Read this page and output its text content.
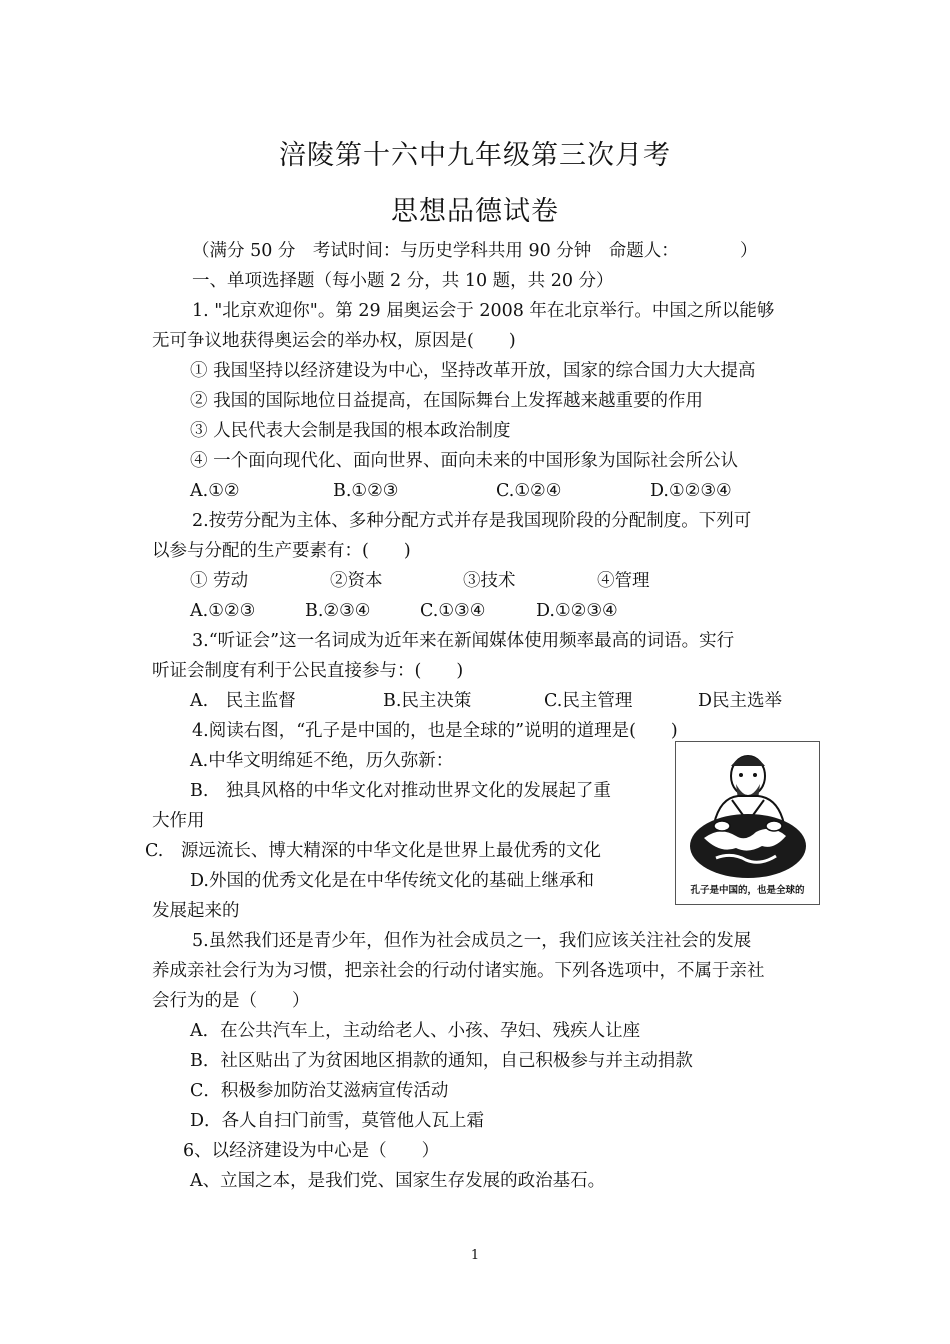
涪陵第十六中九年级第三次月考
思想品德试卷
（满分 50 分　考试时间：与历史学科共用 90 分钟　命题人：　　　　）
一、单项选择题（每小题 2 分，共 10 题，共 20 分）
1. "北京欢迎你"。第 29 届奥运会于 2008 年在北京举行。中国之所以能够
无可争议地获得奥运会的举办权，原因是(　　)
① 我国坚持以经济建设为中心，坚持改革开放，国家的综合国力大大提高
② 我国的国际地位日益提高，在国际舞台上发挥越来越重要的作用
③ 人民代表大会制是我国的根本政治制度
④ 一个面向现代化、面向世界、面向未来的中国形象为国际社会所公认
A.①②	B.①②③	C.①②④	D.①②③④
2.按劳分配为主体、多种分配方式并存是我国现阶段的分配制度。下列可
以参与分配的生产要素有：(　　)
① 劳动	②资本	③技术	④管理
A.①②③	B.②③④	C.①③④	D.①②③④
3.“听证会”这一名词成为近年来在新闻媒体使用频率最高的词语。实行
听证会制度有利于公民直接参与：(　　)
A.　民主监督	B.民主决策	C.民主管理	D民主选举
4.阅读右图，“孔子是中国的，也是全球的”说明的道理是(　　)
A.中华文明绵延不绝，历久弥新：
B.　独具风格的中华文化对推动世界文化的发展起了重
大作用
C.　源远流长、博大精深的中华文化是世界上最优秀的文化
D.外国的优秀文化是在中华传统文化的基础上继承和
发展起来的
孔子是中国的，也是全球的
5.虽然我们还是青少年，但作为社会成员之一，我们应该关注社会的发展
养成亲社会行为为习惯，把亲社会的行动付诸实施。下列各选项中，不属于亲社
会行为的是（　　）
A．在公共汽车上，主动给老人、小孩、孕妇、残疾人让座
B．社区贴出了为贫困地区捐款的通知，自己积极参与并主动捐款
C．积极参加防治艾滋病宣传活动
D．各人自扫门前雪，莫管他人瓦上霜
6、以经济建设为中心是（　　）
A、立国之本，是我们党、国家生存发展的政治基石。
1
